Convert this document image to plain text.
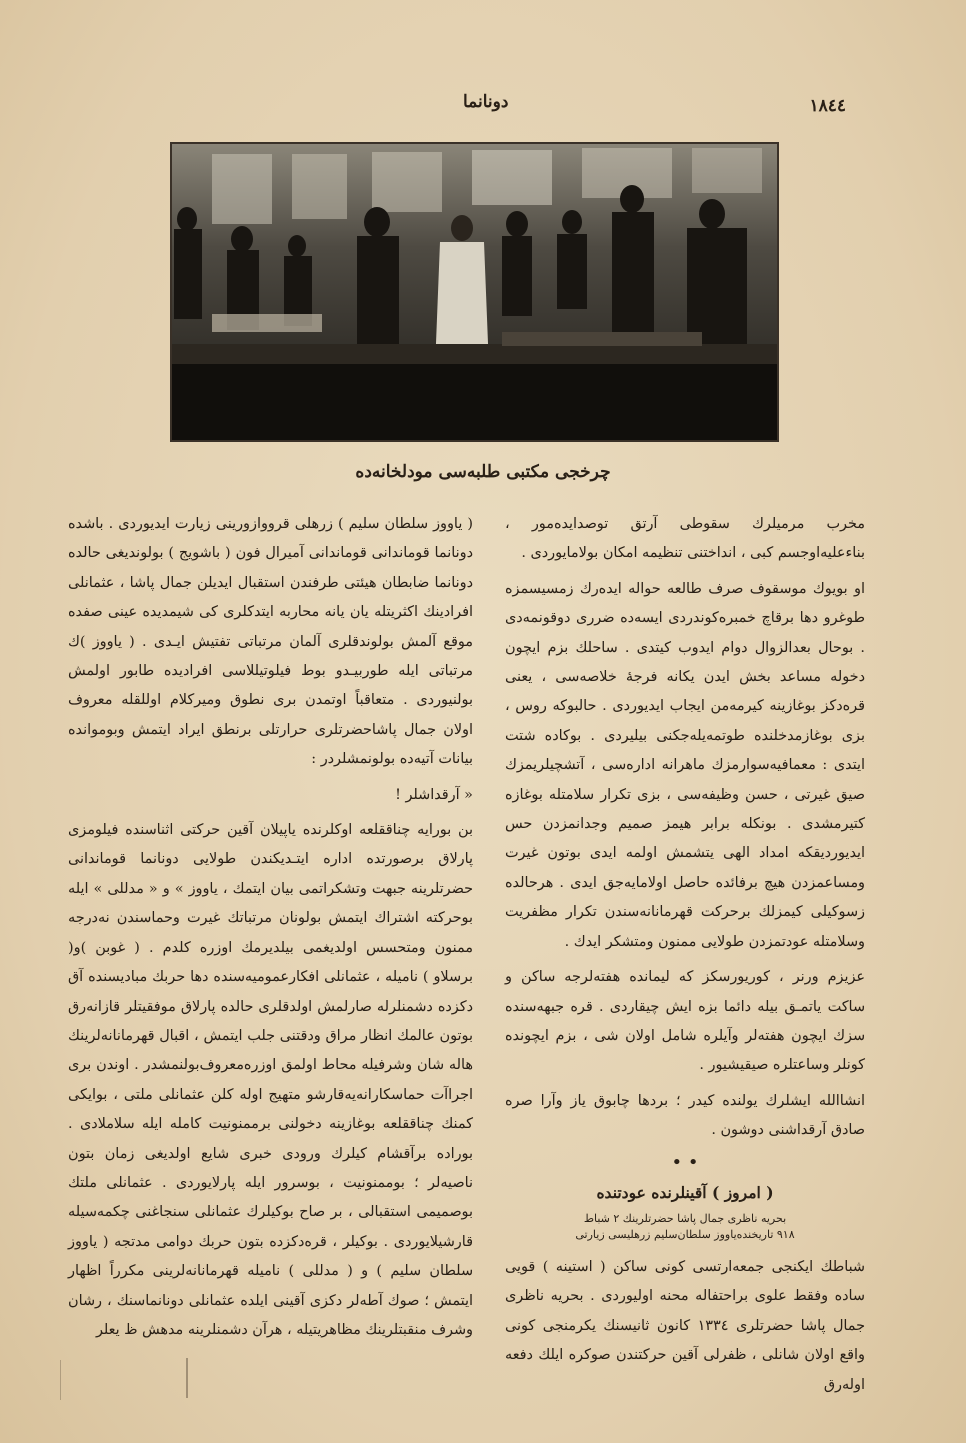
١٨٤٤
دونانما
چرخجی مکتبی طلبه‌سی مودلخانه‌ده

مخرب مرمیلرك سقوطی آرتق توصدایده‌مور ، بناءعلیه‌اوجسم کبی ، انداختنی تنظیمه امکان بولامایوردی .

او بویوك موسقوف صرف طالعه حواله ایده‌رك زمسیسمزه طوغرو دها برقاچ خمبره‌کوندردی ایسه‌ده ضرری دوقونمه‌دی . بوحال بعدالزوال دوام ایدوب کیتدی . ساحلك بزم ایچون دخوله مساعد بخش ایدن یکانه فرجهٔ خلاصه‌سی ، یعنی قره‌دکز بوغازینه کیرمه‌من ایجاب ایدیوردی . حالبوکه روس ، بزی بوغازمدخلنده طوتمه‌یله‌جکنی بیلیردی . بوکاده شتت ایتدی : معمافیه‌سوارمزك ماهرانه اداره‌سی ، آتشچیلریمزك صیق غیرتی ، حسن وظیفه‌سی ، بزی تکرار سلامتله بوغازه کتیرمشدی . بونکله برابر هیمز صمیم وجدانمزدن حس ایدیوردیقکه امداد الهی یتشمش اولمه ایدی بوتون غیرت ومساعمزدن هیچ برفائده حاصل اولامایه‌جق ایدی . هرحالده زسوکیلی کیمزلك برحرکت قهرمانانه‌سندن تکرار مظفریت وسلامتله عودتمزدن طولایی ممنون ومتشکر ایدك .

عزیزم ورنر ، کوریورسکز که لیمانده هفته‌لرجه ساکن و ساکت یاتمـق بیله دائما بزه ایش چیقاردی . قره جبهه‌سنده سزك ایچون هفته‌لر وآیلره شامل اولان شی ، بزم ایچونده کونلر وساعتلره صیقیشیور .

انشاالله ایشلرك یولنده کیدر ؛ بردها چابوق یاز وآرا صره صادق آرقداشنی دوشون .

• •
( امروز ) آقینلرنده عودتنده
بحریه ناظری جمال پاشا حضرتلرینك ٢ شباط
٩١٨ تاریخنده‌یاووز سلطان‌سلیم زرهلیسی زیارتی

شباطك ایکنجی جمعه‌ارتسی کونی ساکن ( استینه ) قویی ساده وفقط علوی براحتفاله محنه اولیوردی . بحریه ناظری جمال پاشا حضرتلری ١٣٣٤ کانون ثانیسنك یکرمنجی کونی واقع اولان شانلی ، ظفرلی آقین حرکتندن صوکره ایلك دفعه اوله‌رق

( یاووز سلطان سلیم ) زرهلی قرووازورینی زیارت ایدیوردی . باشده دونانما قوماندانی قوماندانی آمیرال فون ( باشویج ) بولوندیغی حالده دونانما ضابطان هیئتی طرفندن استقبال ایدیلن جمال پاشا ، عثمانلی افرادینك اکثریتله یان یانه محاربه ایتدکلری کی شیمدیده عینی صفده موقع آلمش بولوندقلری آلمان مرتباتی تفتیش ایـدی . ( یاووز )ك مرتباتی ایله طوربیـدو بوط فیلوتیللاسی افرادیده طابور اولمش بولنیوردی . متعاقباً اوتمدن بری نطوق ومیرکلام اوللقله معروف اولان جمال پاشاحضرتلری حرارتلی برنطق ایراد ایتمش وبوموانده بیانات آتیه‌ده بولونمشلردر :

« آرقداشلر !

بن بورایه چناققلعه اوکلرنده یاپیلان آقین حرکتی اثناسنده فیلومزی پارلاق برصورتده اداره ایتـدیکندن طولایی دونانما قوماندانی حضرتلرینه جبهت وتشکراتمی بیان ایتمك ، یاووز » و « مدللی » ایله بوحرکته اشتراك ایتمش بولونان مرتباتك غیرت وحماسندن نه‌درجه ممنون ومتحسس اولدیغمی بیلدیرمك اوزره کلدم . ( غوبن )و( برسلاو ) نامیله ، عثمانلی افکارعمومیه‌سنده دها حربك مبادیسنده آق دکزده دشمنلرله صارلمش اولدقلری حالده پارلاق موفقیتلر قازانه‌رق بوتون عالمك انظار مراق ودقتنی جلب ایتمش ، اقبال قهرمانانه‌لرینك هاله شان وشرفیله محاط اولمق اوزره‌معروف‌بولنمشدر . اوندن بری اجراآت حماسکارانه‌یه‌قارشو متهیج اوله کلن عثمانلی ملتی ، بوایکی کمنك چناققلعه بوغازینه دخولنی برممنونیت کامله ایله سلاملادی . بوراده برآقشام کیلرك ورودی خبری شایع اولدیغی زمان بتون ناصیه‌لر ؛ بوممنونیت ، بوسرور ایله پارلایوردی . عثمانلی ملتك بوصمیمی استقبالی ، بر صاح بوکیلرك عثمانلی سنجاغنی چکمه‌سیله قارشیلایوردی . بوکیلر ، قره‌دکزده بتون حربك دوامی مدتجه ( یاووز سلطان سلیم ) و ( مدللی ) نامیله قهرمانانه‌لرینی مکرراً اظهار ایتمش ؛ صوك آطه‌لر دکزی آقینی ایلده عثمانلی دونانماسنك ، رشان وشرف منقبتلرینك مظاهریتیله ، هرآن دشمنلرینه مدهش ظ یعلر
